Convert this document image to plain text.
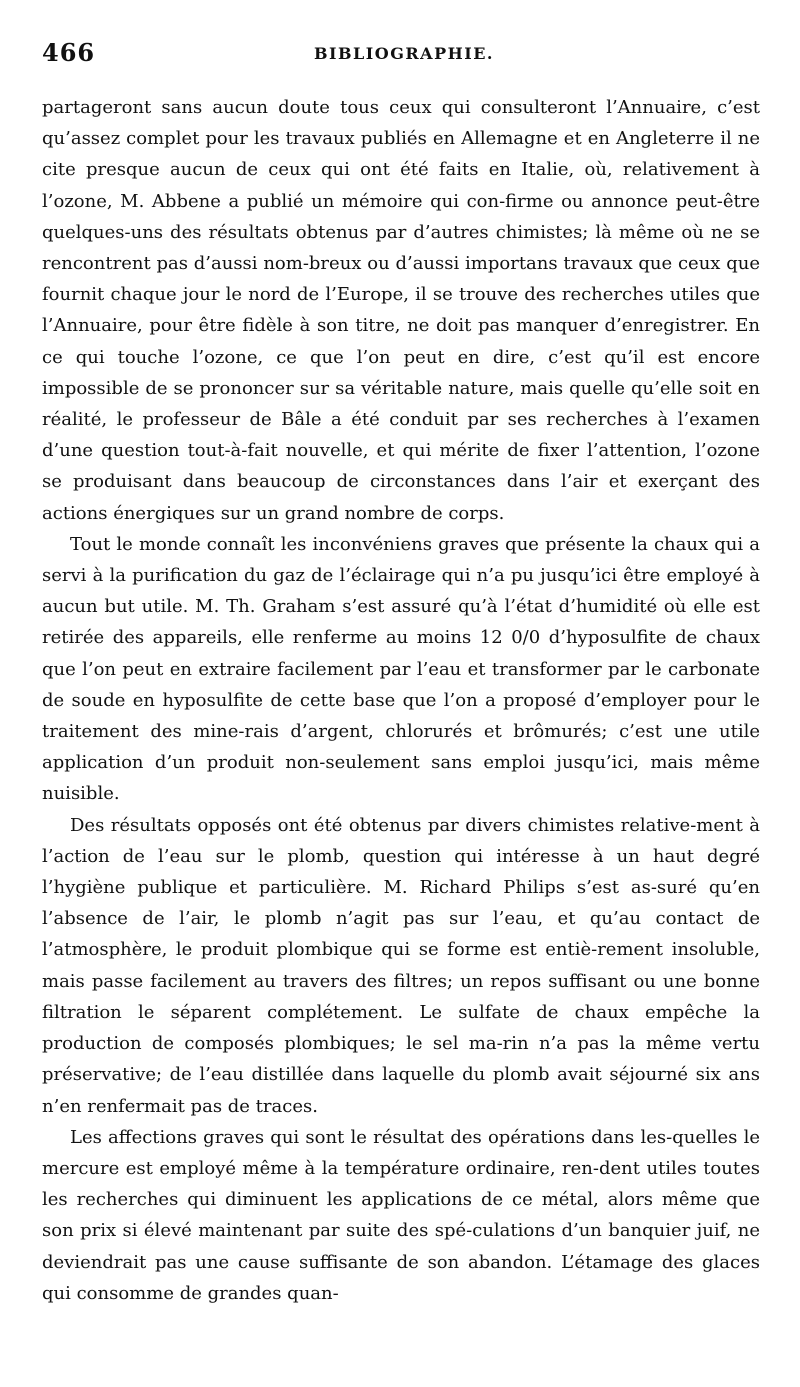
466	BIBLIOGRAPHIE.

partageront sans aucun doute tous ceux qui consulteront l’Annuaire, c’est qu’assez complet pour les travaux publiés en Allemagne et en Angleterre il ne cite presque aucun de ceux qui ont été faits en Italie, où, relativement à l’ozone, M. Abbene a publié un mémoire qui con-firme ou annonce peut-être quelques-uns des résultats obtenus par d’autres chimistes; là même où ne se rencontrent pas d’aussi nom-breux ou d’aussi importans travaux que ceux que fournit chaque jour le nord de l’Europe, il se trouve des recherches utiles que l’Annuaire, pour être fidèle à son titre, ne doit pas manquer d’enregistrer. En ce qui touche l’ozone, ce que l’on peut en dire, c’est qu’il est encore impossible de se prononcer sur sa véritable nature, mais quelle qu’elle soit en réalité, le professeur de Bâle a été conduit par ses recherches à l’examen d’une question tout-à-fait nouvelle, et qui mérite de fixer l’attention, l’ozone se produisant dans beaucoup de circonstances dans l’air et exerçant des actions énergiques sur un grand nombre de corps.

Tout le monde connaît les inconvéniens graves que présente la chaux qui a servi à la purification du gaz de l’éclairage qui n’a pu jusqu’ici être employé à aucun but utile. M. Th. Graham s’est assuré qu’à l’état d’humidité où elle est retirée des appareils, elle renferme au moins 12 0/0 d’hyposulfite de chaux que l’on peut en extraire facilement par l’eau et transformer par le carbonate de soude en hyposulfite de cette base que l’on a proposé d’employer pour le traitement des mine-rais d’argent, chlorurés et brômurés; c’est une utile application d’un produit non-seulement sans emploi jusqu’ici, mais même nuisible.

Des résultats opposés ont été obtenus par divers chimistes relative-ment à l’action de l’eau sur le plomb, question qui intéresse à un haut degré l’hygiène publique et particulière. M. Richard Philips s’est as-suré qu’en l’absence de l’air, le plomb n’agit pas sur l’eau, et qu’au contact de l’atmosphère, le produit plombique qui se forme est entiè-rement insoluble, mais passe facilement au travers des filtres; un repos suffisant ou une bonne filtration le séparent complétement. Le sulfate de chaux empêche la production de composés plombiques; le sel ma-rin n’a pas la même vertu préservative; de l’eau distillée dans laquelle du plomb avait séjourné six ans n’en renfermait pas de traces.

Les affections graves qui sont le résultat des opérations dans les-quelles le mercure est employé même à la température ordinaire, ren-dent utiles toutes les recherches qui diminuent les applications de ce métal, alors même que son prix si élevé maintenant par suite des spé-culations d’un banquier juif, ne deviendrait pas une cause suffisante de son abandon. L’étamage des glaces qui consomme de grandes quan-
